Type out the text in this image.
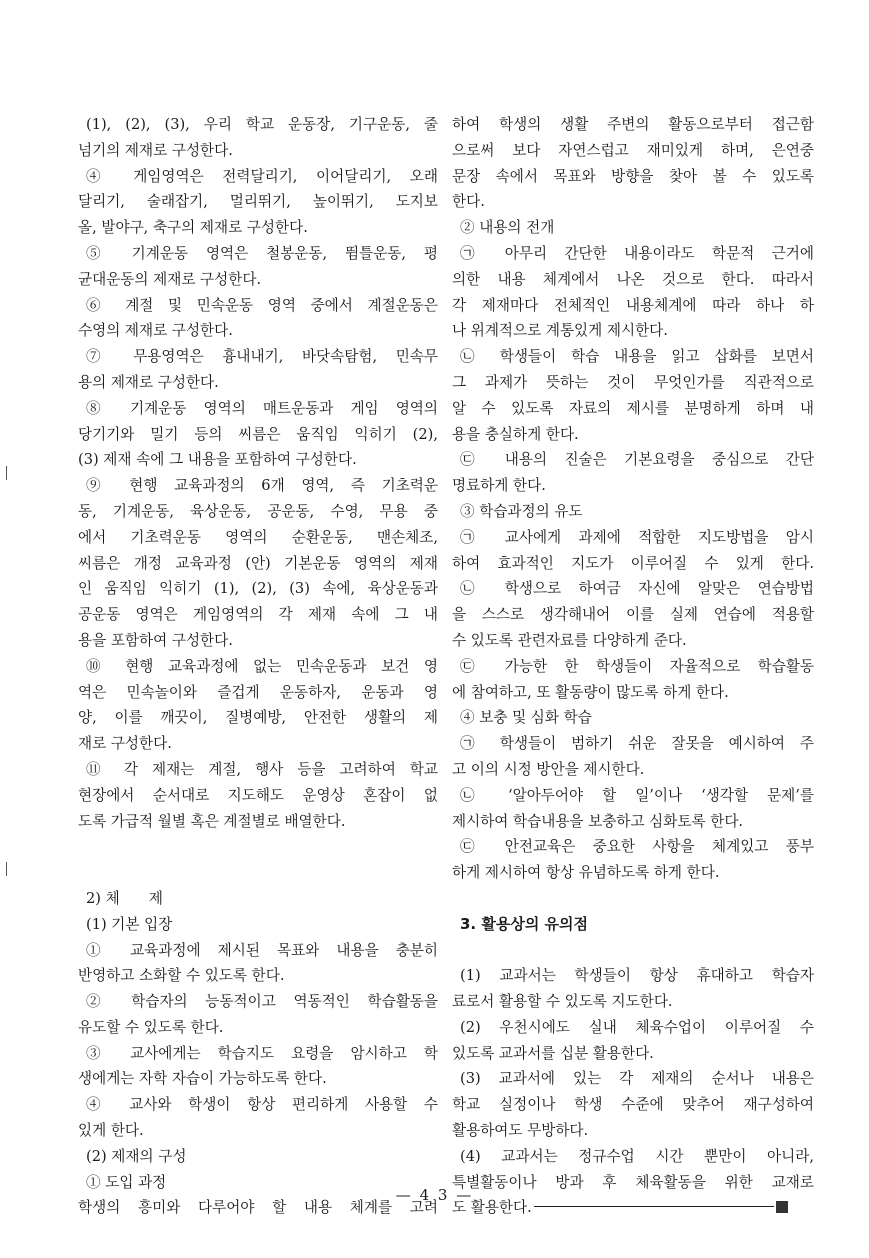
(1), (2), (3), 우리 학교 운동장, 기구운동, 줄
넘기의 제재로 구성한다.
④ 게임영역은 전력달리기, 이어달리기, 오래
달리기, 술래잡기, 멀리뛰기, 높이뛰기, 도지보
올, 발야구, 축구의 제재로 구성한다.
⑤ 기계운동 영역은 철봉운동, 뜀틀운동, 평
균대운동의 제재로 구성한다.
⑥ 계절 및 민속운동 영역 중에서 계절운동은
수영의 제재로 구성한다.
⑦ 무용영역은 흉내내기, 바닷속탐험, 민속무
용의 제재로 구성한다.
⑧ 기계운동 영역의 매트운동과 게임 영역의
당기기와 밀기 등의 씨름은 움직임 익히기 (2),
(3) 제재 속에 그 내용을 포함하여 구성한다.
⑨ 현행 교육과정의 6개 영역, 즉 기초력운
동, 기계운동, 육상운동, 공운동, 수영, 무용 중
에서 기초력운동 영역의 순환운동, 맨손체조,
씨름은 개정 교육과정 (안) 기본운동 영역의 제재
인 움직임 익히기 (1), (2), (3) 속에, 육상운동과
공운동 영역은 게임영역의 각 제재 속에 그 내
용을 포함하여 구성한다.
⑩ 현행 교육과정에 없는 민속운동과 보건 영
역은 민속놀이와 즐겁게 운동하자, 운동과 영
양, 이를 깨끗이, 질병예방, 안전한 생활의 제
재로 구성한다.
⑪ 각 제재는 계절, 행사 등을 고려하여 학교
현장에서 순서대로 지도해도 운영상 혼잡이 없
도록 가급적 월별 혹은 계절별로 배열한다.
2) 체　　제
(1) 기본 입장
① 교육과정에 제시된 목표와 내용을 충분히
반영하고 소화할 수 있도록 한다.
② 학습자의 능동적이고 역동적인 학습활동을
유도할 수 있도록 한다.
③ 교사에게는 학습지도 요령을 암시하고 학
생에게는 자학 자습이 가능하도록 한다.
④ 교사와 학생이 항상 편리하게 사용할 수
있게 한다.
(2) 제재의 구성
① 도입 과정
학생의 흥미와 다루어야 할 내용 체계를 고려
하여 학생의 생활 주변의 활동으로부터 접근함
으로써 보다 자연스럽고 재미있게 하며, 은연중
문장 속에서 목표와 방향을 찾아 볼 수 있도록
한다.
② 내용의 전개
㉠ 아무리 간단한 내용이라도 학문적 근거에
의한 내용 체계에서 나온 것으로 한다. 따라서
각 제재마다 전체적인 내용체계에 따라 하나 하
나 위계적으로 계통있게 제시한다.
㉡ 학생들이 학습 내용을 읽고 삽화를 보면서
그 과제가 뜻하는 것이 무엇인가를 직관적으로
알 수 있도록 자료의 제시를 분명하게 하며 내
용을 충실하게 한다.
㉢ 내용의 진술은 기본요령을 중심으로 간단
명료하게 한다.
③ 학습과정의 유도
㉠ 교사에게 과제에 적합한 지도방법을 암시
하여 효과적인 지도가 이루어질 수 있게 한다.
㉡ 학생으로 하여금 자신에 알맞은 연습방법
을 스스로 생각해내어 이를 실제 연습에 적용할
수 있도록 관련자료를 다양하게 준다.
㉢ 가능한 한 학생들이 자율적으로 학습활동
에 참여하고, 또 활동량이 많도록 하게 한다.
④ 보충 및 심화 학습
㉠ 학생들이 범하기 쉬운 잘못을 예시하여 주
고 이의 시정 방안을 제시한다.
㉡ ‘알아두어야 할 일’이나 ‘생각할 문제’를
제시하여 학습내용을 보충하고 심화토록 한다.
㉢ 안전교육은 중요한 사항을 체계있고 풍부
하게 제시하여 항상 유념하도록 하게 한다.
3. 활용상의 유의점
(1) 교과서는 학생들이 항상 휴대하고 학습자
료로서 활용할 수 있도록 지도한다.
(2) 우천시에도 실내 체육수업이 이루어질 수
있도록 교과서를 십분 활용한다.
(3) 교과서에 있는 각 제재의 순서나 내용은
학교 실정이나 학생 수준에 맞추어 재구성하여
활용하여도 무방하다.
(4) 교과서는 정규수업 시간 뿐만이 아니라,
특별활동이나 방과 후 체육활동을 위한 교재로
도 활용한다.
— 4 3 —
